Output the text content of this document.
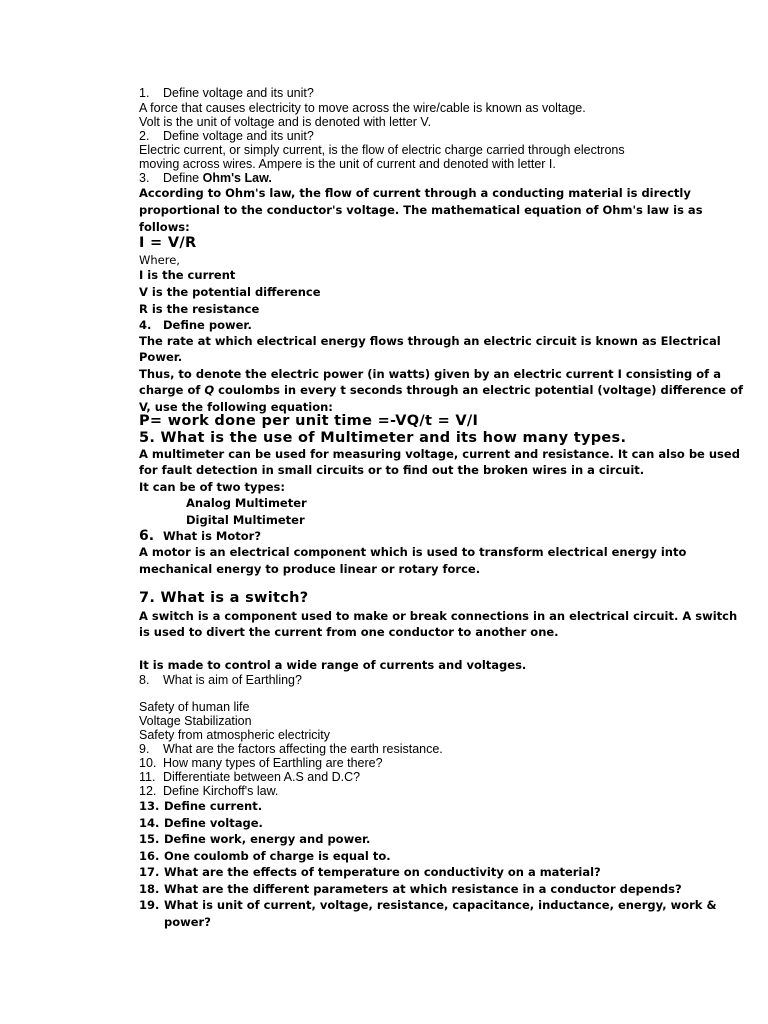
1. Define voltage and its unit?
A force that causes electricity to move across the wire/cable is known as voltage.
Volt is the unit of voltage and is denoted with letter V.
2. Define voltage and its unit?
Electric current, or simply current, is the flow of electric charge carried through electrons
moving across wires. Ampere is the unit of current and denoted with letter I.
3. Define Ohm's Law.
According to Ohm's law, the flow of current through a conducting material is directly
proportional to the conductor's voltage. The mathematical equation of Ohm's law is as
follows:
I = V/R
Where,
I is the current
V is the potential difference
R is the resistance
4. Define power.
The rate at which electrical energy flows through an electric circuit is known as Electrical
Power.
Thus, to denote the electric power (in watts) given by an electric current I consisting of a
charge of Q coulombs in every t seconds through an electric potential (voltage) difference of
V, use the following equation:
P= work done per unit time =-VQ/t = V/I
5. What is the use of Multimeter and its how many types.
A multimeter can be used for measuring voltage, current and resistance. It can also be used
for fault detection in small circuits or to find out the broken wires in a circuit.
It can be of two types:
Analog Multimeter
Digital Multimeter
6. What is Motor?
A motor is an electrical component which is used to transform electrical energy into
mechanical energy to produce linear or rotary force.
7. What is a switch?
A switch is a component used to make or break connections in an electrical circuit. A switch
is used to divert the current from one conductor to another one.
It is made to control a wide range of currents and voltages.
8. What is aim of Earthling?
Safety of human life
Voltage Stabilization
Safety from atmospheric electricity
9. What are the factors affecting the earth resistance.
10. How many types of Earthling are there?
11. Differentiate between A.S and D.C?
12. Define Kirchoff's law.
13. Define current.
14. Define voltage.
15. Define work, energy and power.
16. One coulomb of charge is equal to.
17. What are the effects of temperature on conductivity on a material?
18. What are the different parameters at which resistance in a conductor depends?
19. What is unit of current, voltage, resistance, capacitance, inductance, energy, work &
power?
